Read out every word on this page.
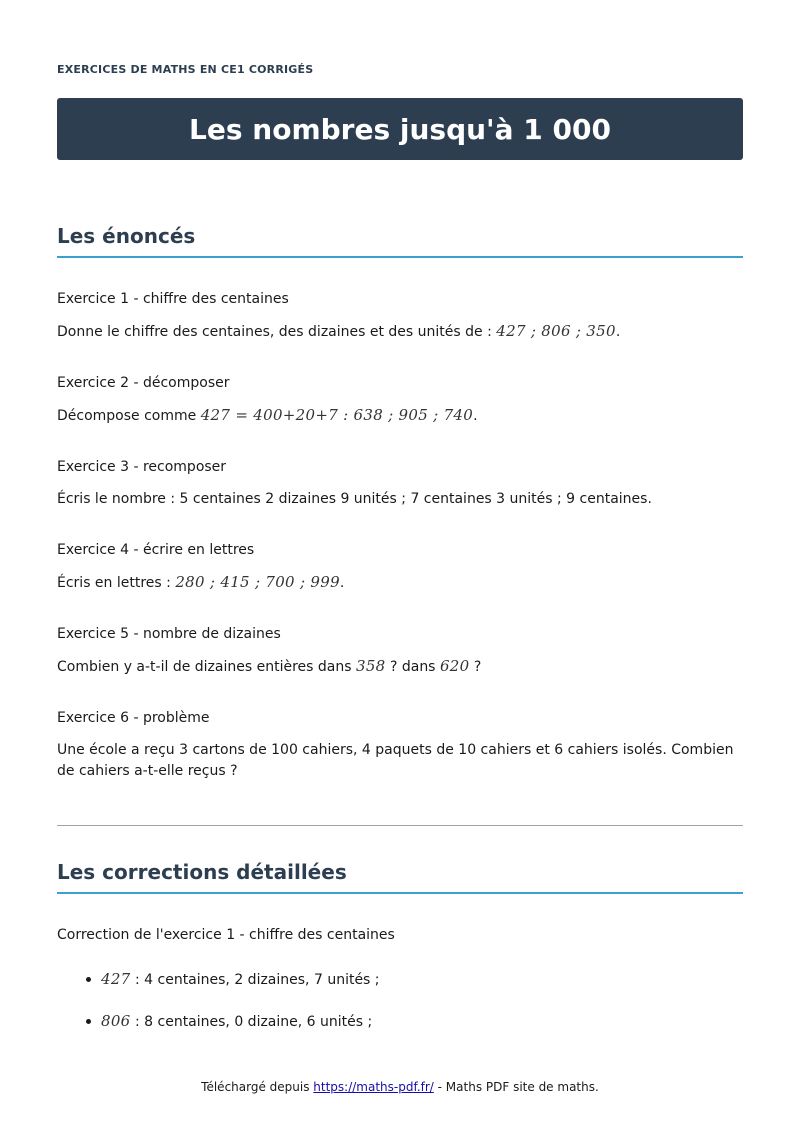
EXERCICES DE MATHS EN CE1 CORRIGÉS
Les nombres jusqu'à 1 000
Les énoncés
Exercice 1 - chiffre des centaines
Donne le chiffre des centaines, des dizaines et des unités de : 427 ; 806 ; 350.
Exercice 2 - décomposer
Décompose comme 427 = 400+20+7 : 638 ; 905 ; 740.
Exercice 3 - recomposer
Écris le nombre : 5 centaines 2 dizaines 9 unités ; 7 centaines 3 unités ; 9 centaines.
Exercice 4 - écrire en lettres
Écris en lettres : 280 ; 415 ; 700 ; 999.
Exercice 5 - nombre de dizaines
Combien y a-t-il de dizaines entières dans 358 ? dans 620 ?
Exercice 6 - problème
Une école a reçu 3 cartons de 100 cahiers, 4 paquets de 10 cahiers et 6 cahiers isolés. Combien de cahiers a-t-elle reçus ?
Les corrections détaillées
Correction de l'exercice 1 - chiffre des centaines
427 : 4 centaines, 2 dizaines, 7 unités ;
806 : 8 centaines, 0 dizaine, 6 unités ;
Téléchargé depuis https://maths-pdf.fr/ - Maths PDF site de maths.
